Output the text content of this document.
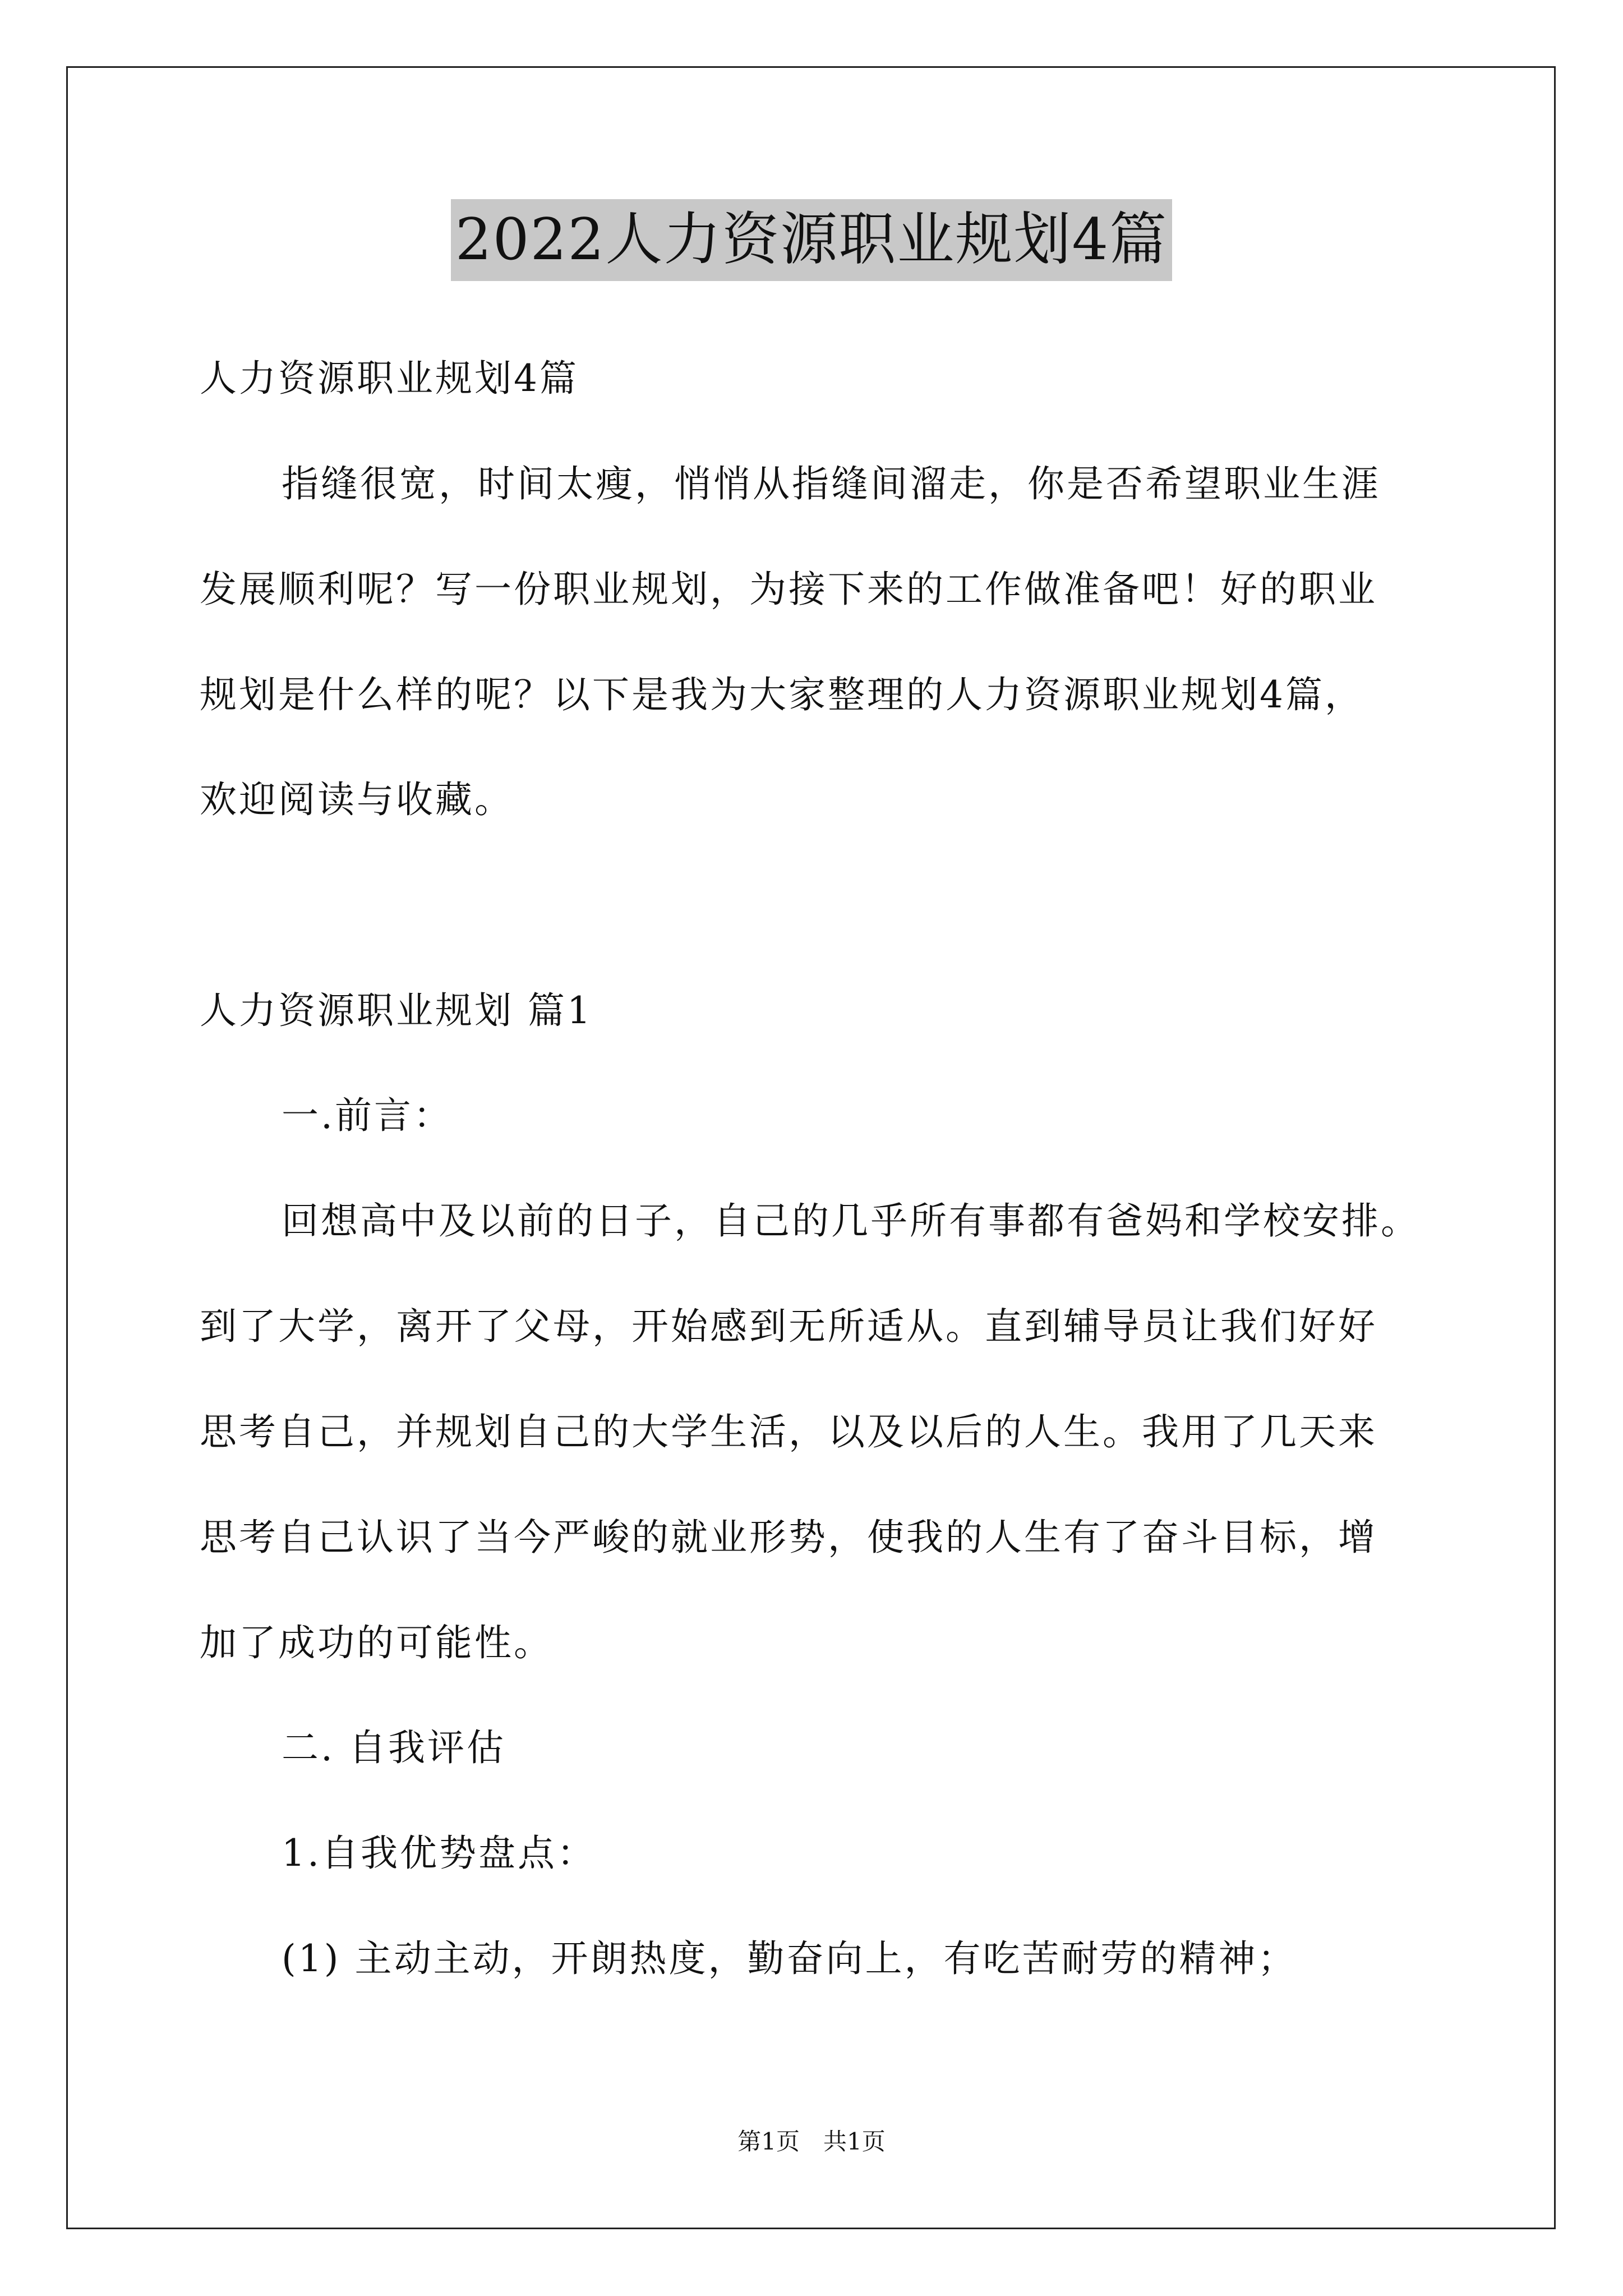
2022人力资源职业规划4篇
人力资源职业规划4篇
指缝很宽，时间太瘦，悄悄从指缝间溜走，你是否希望职业生涯
发展顺利呢？写一份职业规划，为接下来的工作做准备吧！好的职业
规划是什么样的呢？以下是我为大家整理的人力资源职业规划4篇，
欢迎阅读与收藏。
人力资源职业规划 篇1
一.前言：
回想高中及以前的日子，自己的几乎所有事都有爸妈和学校安排。
到了大学，离开了父母，开始感到无所适从。直到辅导员让我们好好
思考自己，并规划自己的大学生活，以及以后的人生。我用了几天来
思考自己认识了当今严峻的就业形势，使我的人生有了奋斗目标，增
加了成功的可能性。
二. 自我评估
1.自我优势盘点：
(1) 主动主动，开朗热度，勤奋向上，有吃苦耐劳的精神；
第1页　共1页
